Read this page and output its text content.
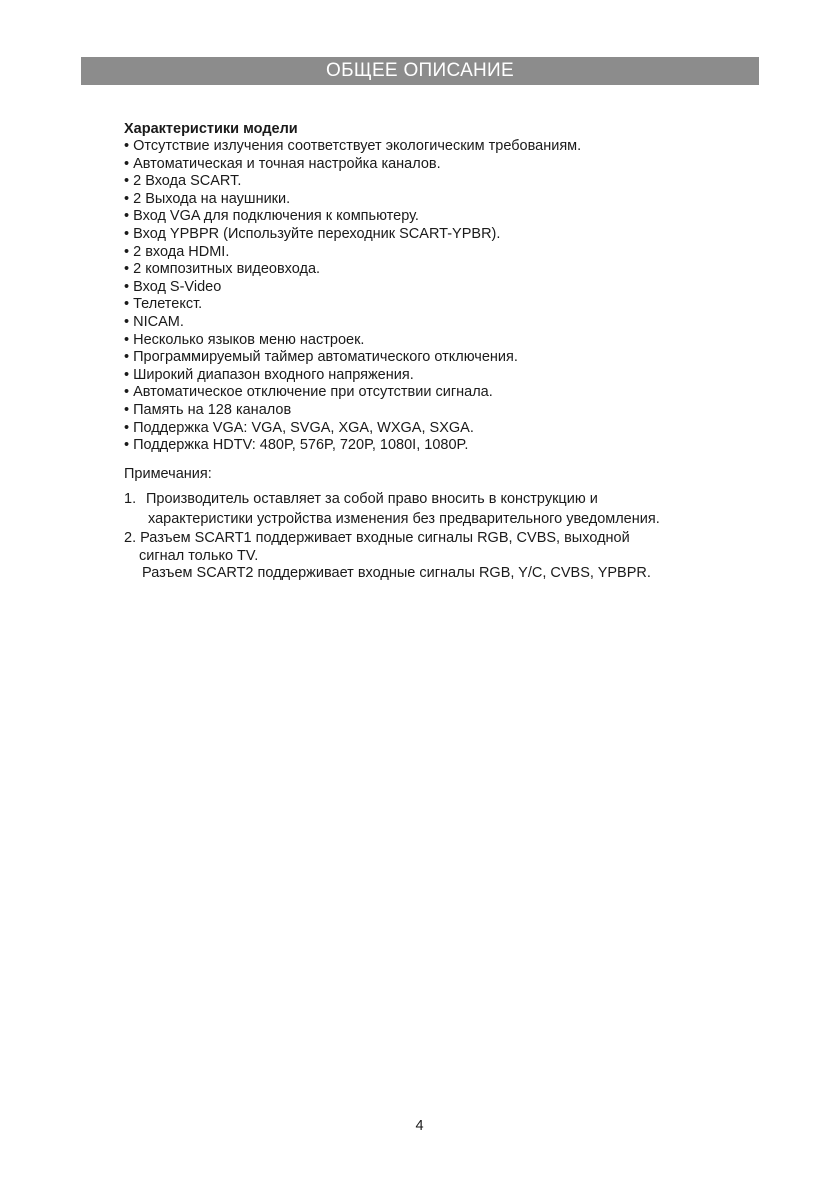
ОБЩЕЕ ОПИСАНИЕ
Характеристики модели
• Отсутствие излучения соответствует экологическим требованиям.
• Автоматическая и точная настройка каналов.
• 2 Входа SCART.
• 2 Выхода на наушники.
• Вход VGA для подключения к компьютеру.
• Вход YPBPR (Используйте переходник SCART-YPBR).
• 2 входа HDMI.
• 2 композитных видеовхода.
• Вход S-Video
• Телетекст.
• NICAM.
• Несколько языков меню настроек.
• Программируемый таймер автоматического отключения.
• Широкий диапазон входного напряжения.
• Автоматическое отключение при отсутствии сигнала.
• Память на 128 каналов
• Поддержка VGA: VGA, SVGA, XGA, WXGA, SXGA.
• Поддержка HDTV: 480P, 576P, 720P, 1080I, 1080P.
Примечания:
1. Производитель оставляет за собой право вносить в конструкцию и
характеристики устройства изменения без предварительного уведомления.
2. Разъем SCART1 поддерживает входные сигналы RGB, CVBS, выходной
сигнал только TV.
Разъем SCART2 поддерживает входные сигналы RGB, Y/C, CVBS, YPBPR.
4
